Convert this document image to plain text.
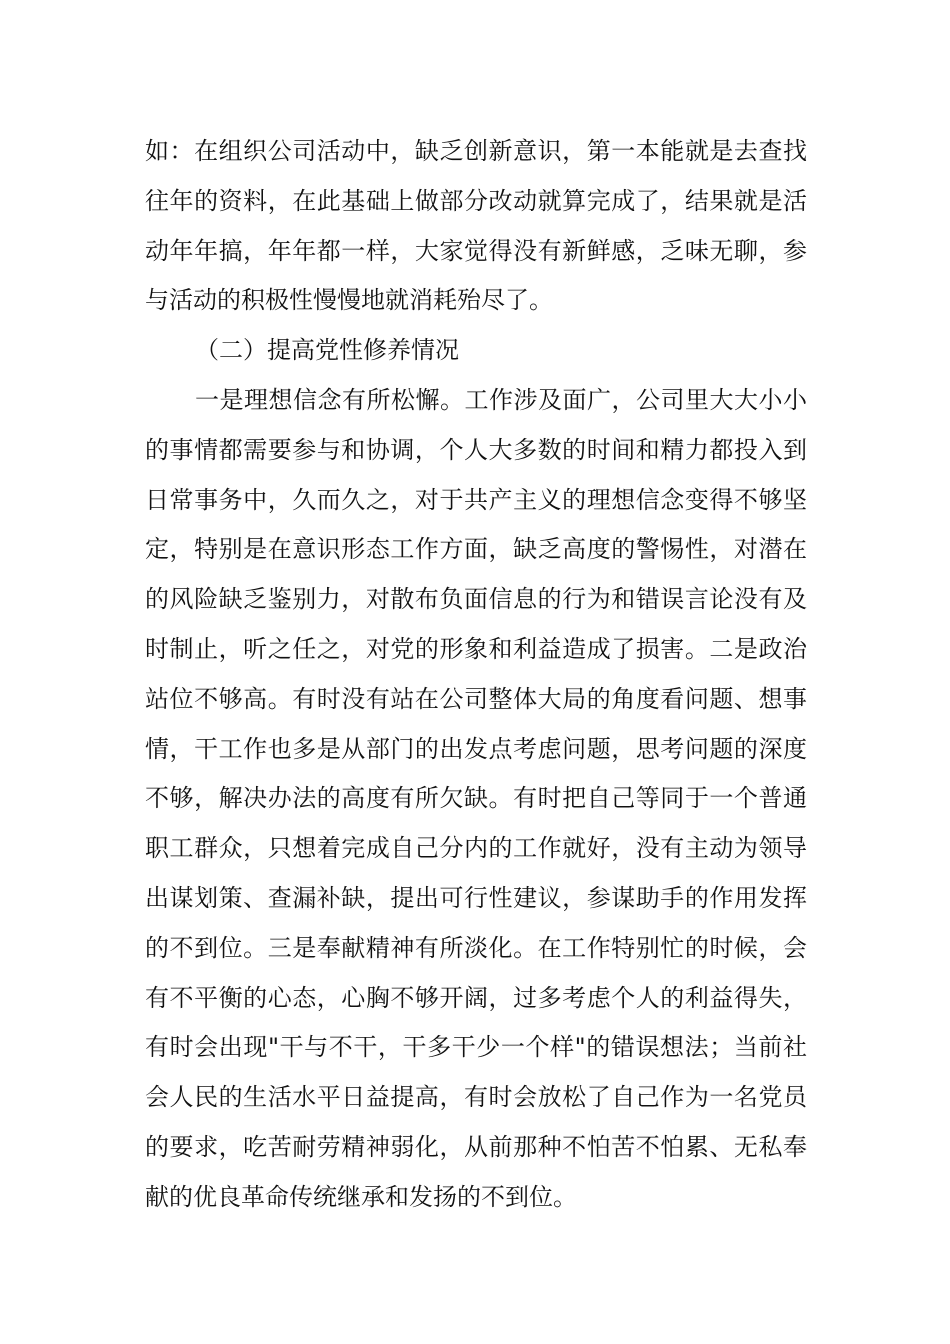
如：在组织公司活动中，缺乏创新意识，第一本能就是去查找
往年的资料，在此基础上做部分改动就算完成了，结果就是活
动年年搞，年年都一样，大家觉得没有新鲜感，乏味无聊，参
与活动的积极性慢慢地就消耗殆尽了。
（二）提高党性修养情况
一是理想信念有所松懈。工作涉及面广，公司里大大小小
的事情都需要参与和协调，个人大多数的时间和精力都投入到
日常事务中，久而久之，对于共产主义的理想信念变得不够坚
定，特别是在意识形态工作方面，缺乏高度的警惕性，对潜在
的风险缺乏鉴别力，对散布负面信息的行为和错误言论没有及
时制止，听之任之，对党的形象和利益造成了损害。二是政治
站位不够高。有时没有站在公司整体大局的角度看问题、想事
情，干工作也多是从部门的出发点考虑问题，思考问题的深度
不够，解决办法的高度有所欠缺。有时把自己等同于一个普通
职工群众，只想着完成自己分内的工作就好，没有主动为领导
出谋划策、查漏补缺，提出可行性建议，参谋助手的作用发挥
的不到位。三是奉献精神有所淡化。在工作特别忙的时候，会
有不平衡的心态，心胸不够开阔，过多考虑个人的利益得失，
有时会出现"干与不干，干多干少一个样"的错误想法；当前社
会人民的生活水平日益提高，有时会放松了自己作为一名党员
的要求，吃苦耐劳精神弱化，从前那种不怕苦不怕累、无私奉
献的优良革命传统继承和发扬的不到位。
